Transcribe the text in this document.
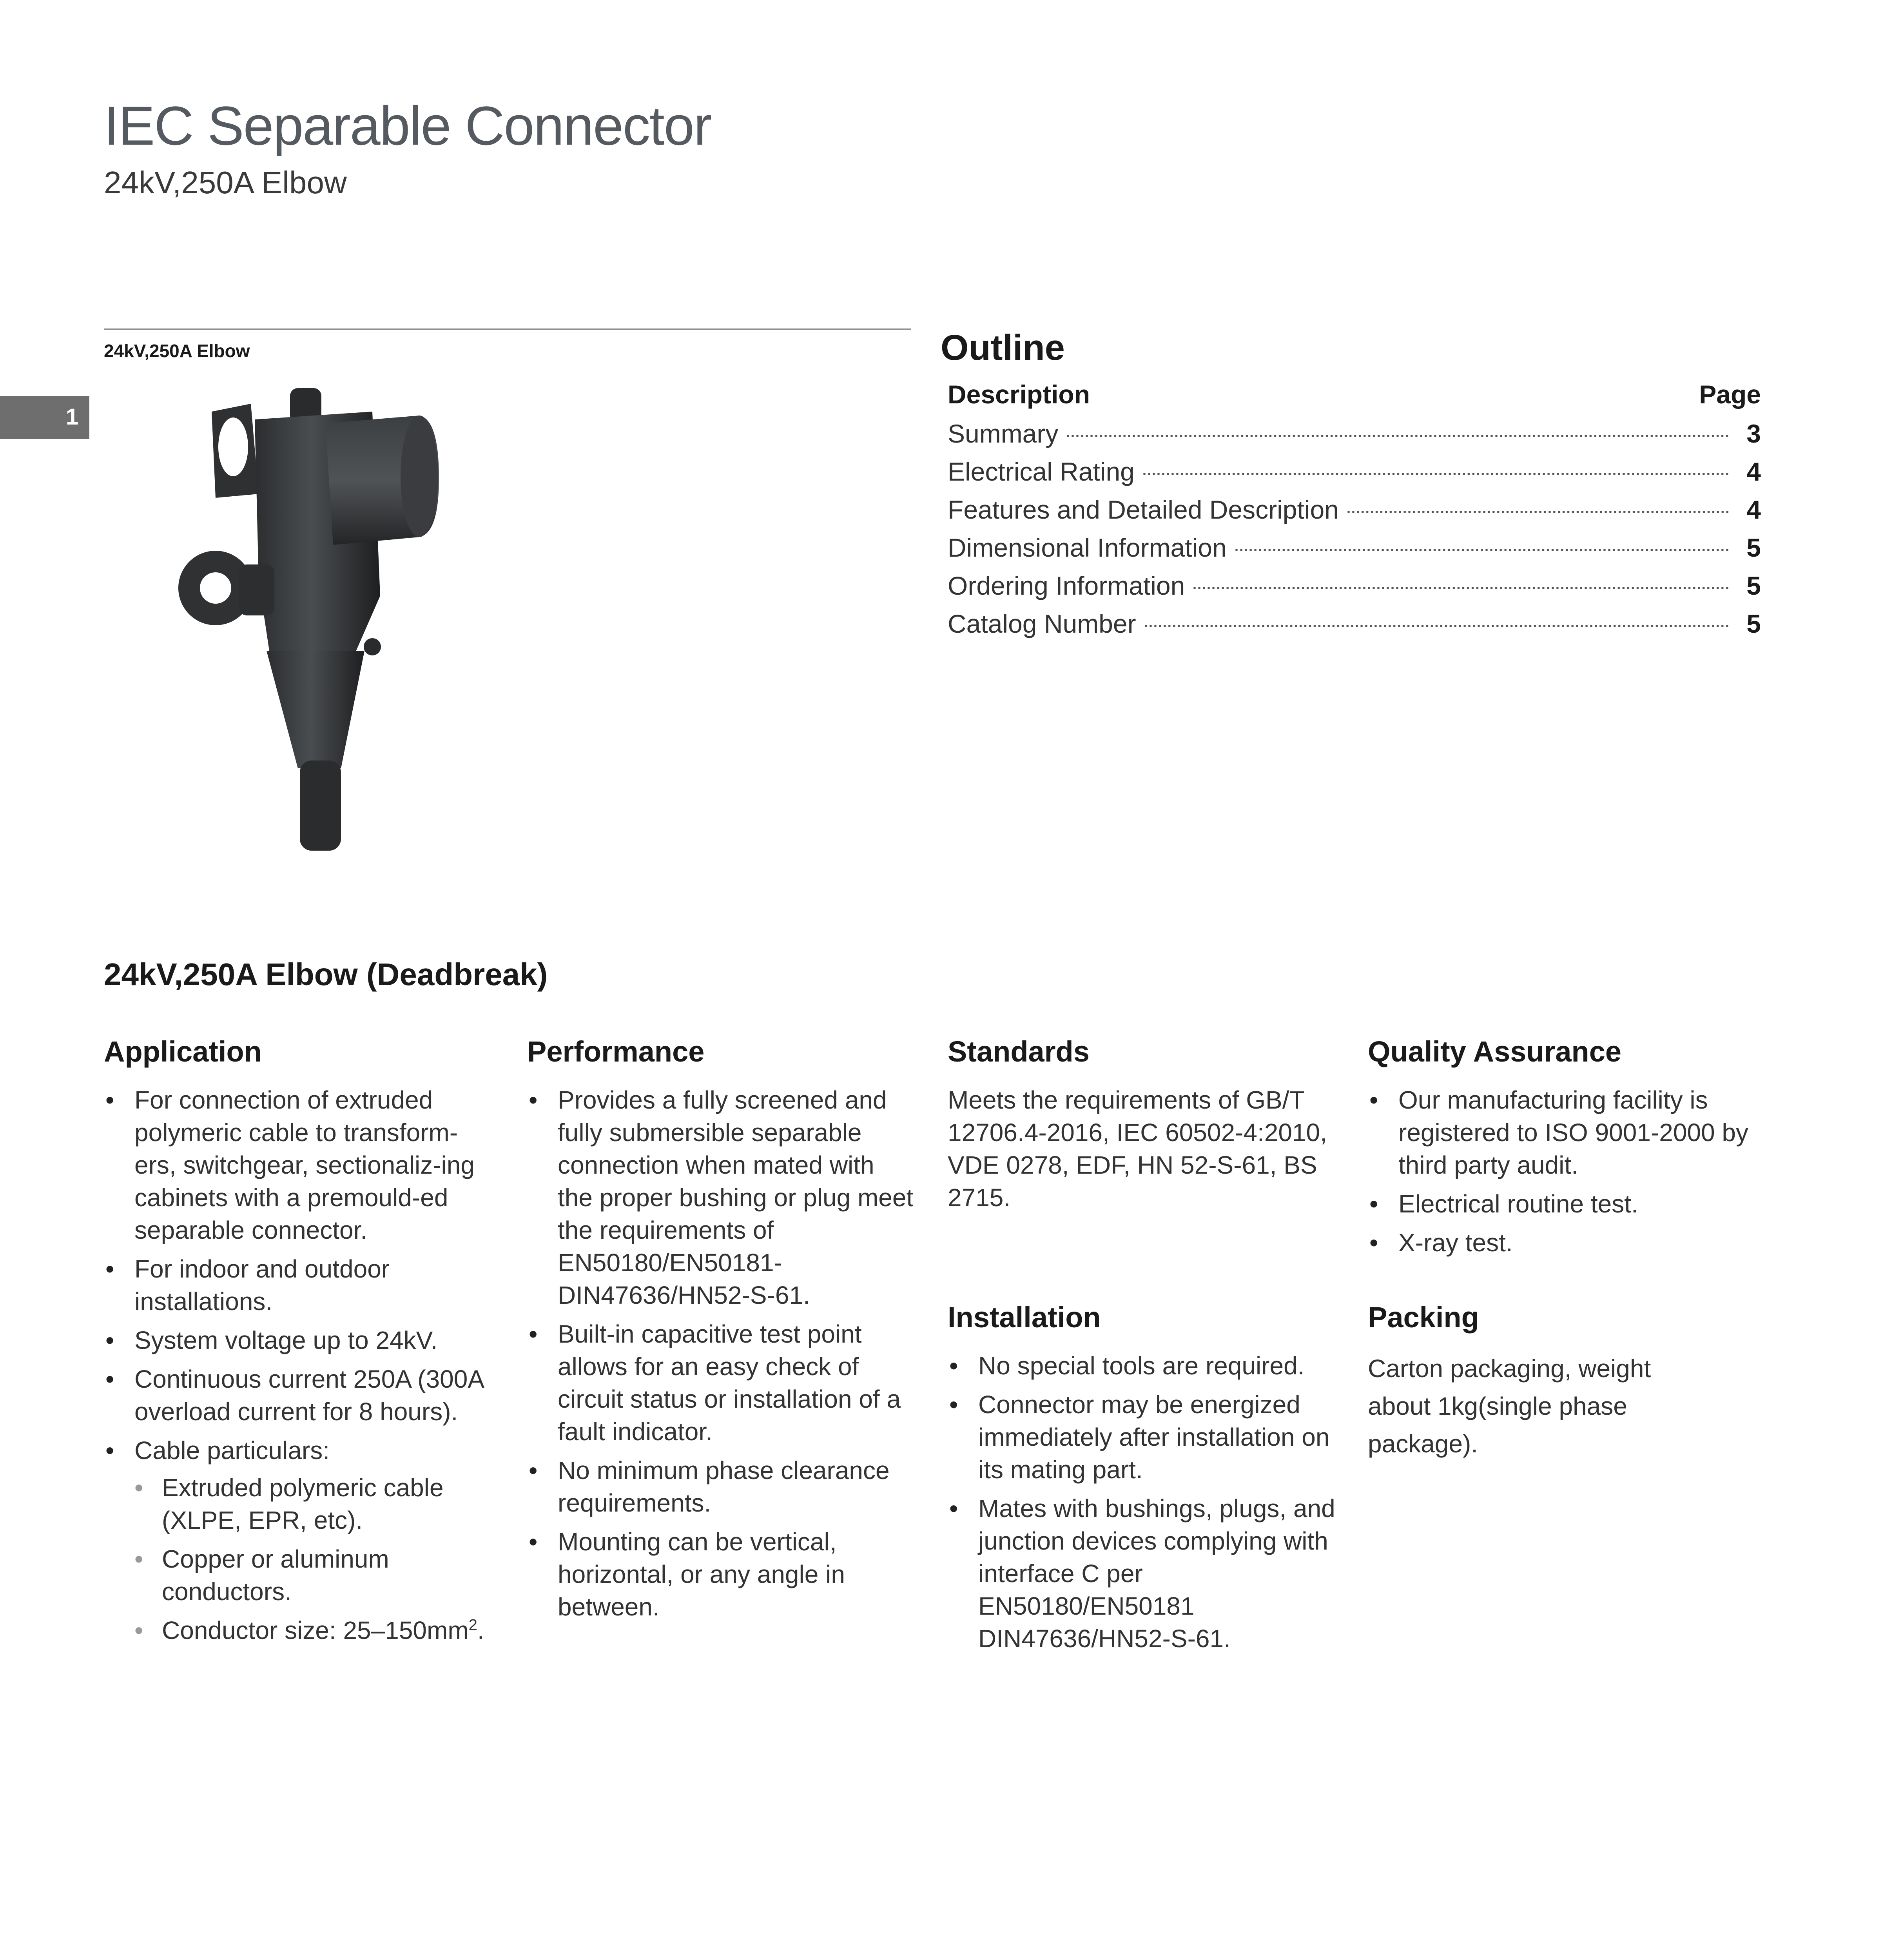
IEC Separable Connector
24kV,250A Elbow
24kV,250A Elbow
1
Outline
Description	Page
Summary	3
Electrical Rating	4
Features and Detailed Description	4
Dimensional Information	5
Ordering Information	5
Catalog Number	5
24kV,250A Elbow (Deadbreak)
Application
• For connection of extruded polymeric cable to transform-ers, switchgear, sectionaliz-ing cabinets with a premould-ed separable connector.
• For indoor and outdoor installations.
• System voltage up to 24kV.
• Continuous current 250A (300A overload current for 8 hours).
• Cable particulars:
• Extruded polymeric cable (XLPE, EPR, etc).
• Copper or aluminum conductors.
• Conductor size: $25-150mm^2$.
Performance
• Provides a fully screened and fully submersible separable connection when mated with the proper bushing or plug meet the requirements of EN50180/EN50181-DIN47636/HN52-S-61.
• Built-in capacitive test point allows for an easy check of circuit status or installation of a fault indicator.
• No minimum phase clearance requirements.
• Mounting can be vertical, horizontal, or any angle in between.
Standards
Meets the requirements of GB/T 12706.4-2016, IEC 60502-4:2010, VDE 0278, EDF, HN 52-S-61, BS 2715.
Installation
• No special tools are required.
• Connector may be energized immediately after installation on its mating part.
• Mates with bushings, plugs, and junction devices complying with interface C per EN50180/EN50181 DIN47636/HN52-S-61.
Quality Assurance
• Our manufacturing facility is registered to ISO 9001-2000 by third party audit.
• Electrical routine test.
• X-ray test.
Packing
Carton packaging, weight about 1kg(single phase package).
